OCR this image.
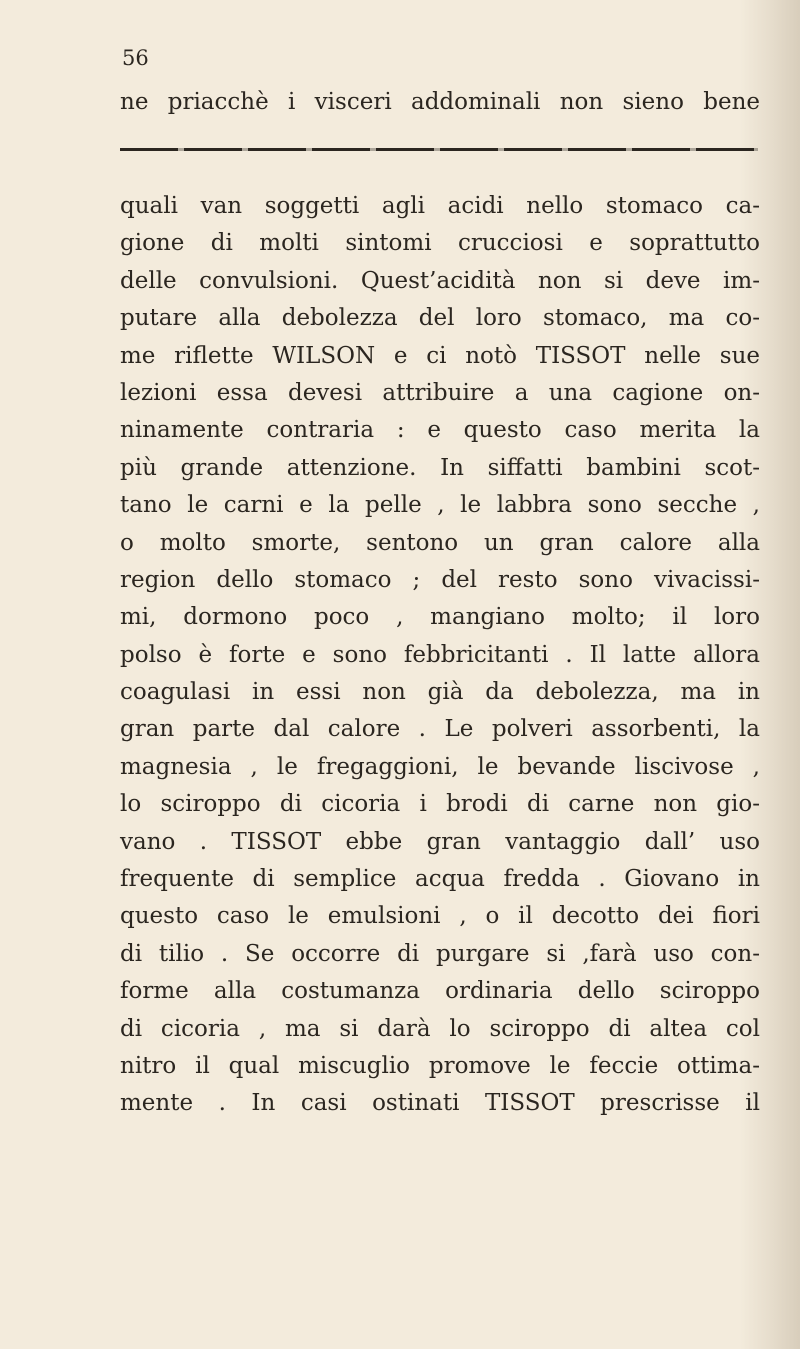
56
ne priacchè i visceri addominali non sieno bene
quali van soggetti agli acidi nello stomaco ca-
gione di molti sintomi crucciosi e soprattutto
delle convulsioni. Quest’acidità non si deve im-
putare alla debolezza del loro stomaco, ma co-
me riflette WILSON e ci notò TISSOT nelle sue
lezioni essa devesi attribuire a una cagione on-
ninamente contraria : e questo caso merita la
più grande attenzione. In siffatti bambini scot-
tano le carni e la pelle , le labbra sono secche ,
o molto smorte, sentono un gran calore alla
region dello stomaco ; del resto sono vivacissi-
mi, dormono poco , mangiano molto; il loro
polso è forte e sono febbricitanti . Il latte allora
coagulasi in essi non già da debolezza, ma in
gran parte dal calore . Le polveri assorbenti, la
magnesia , le fregaggioni, le bevande liscivose ,
lo sciroppo di cicoria i brodi di carne non gio-
vano . TISSOT ebbe gran vantaggio dall’ uso
frequente di semplice acqua fredda . Giovano in
questo caso le emulsioni , o il decotto dei fiori
di tilio . Se occorre di purgare si ,farà uso con-
forme alla costumanza ordinaria dello sciroppo
di cicoria , ma si darà lo sciroppo di altea col
nitro il qual miscuglio promove le feccie ottima-
mente . In casi ostinati TISSOT prescrisse il
